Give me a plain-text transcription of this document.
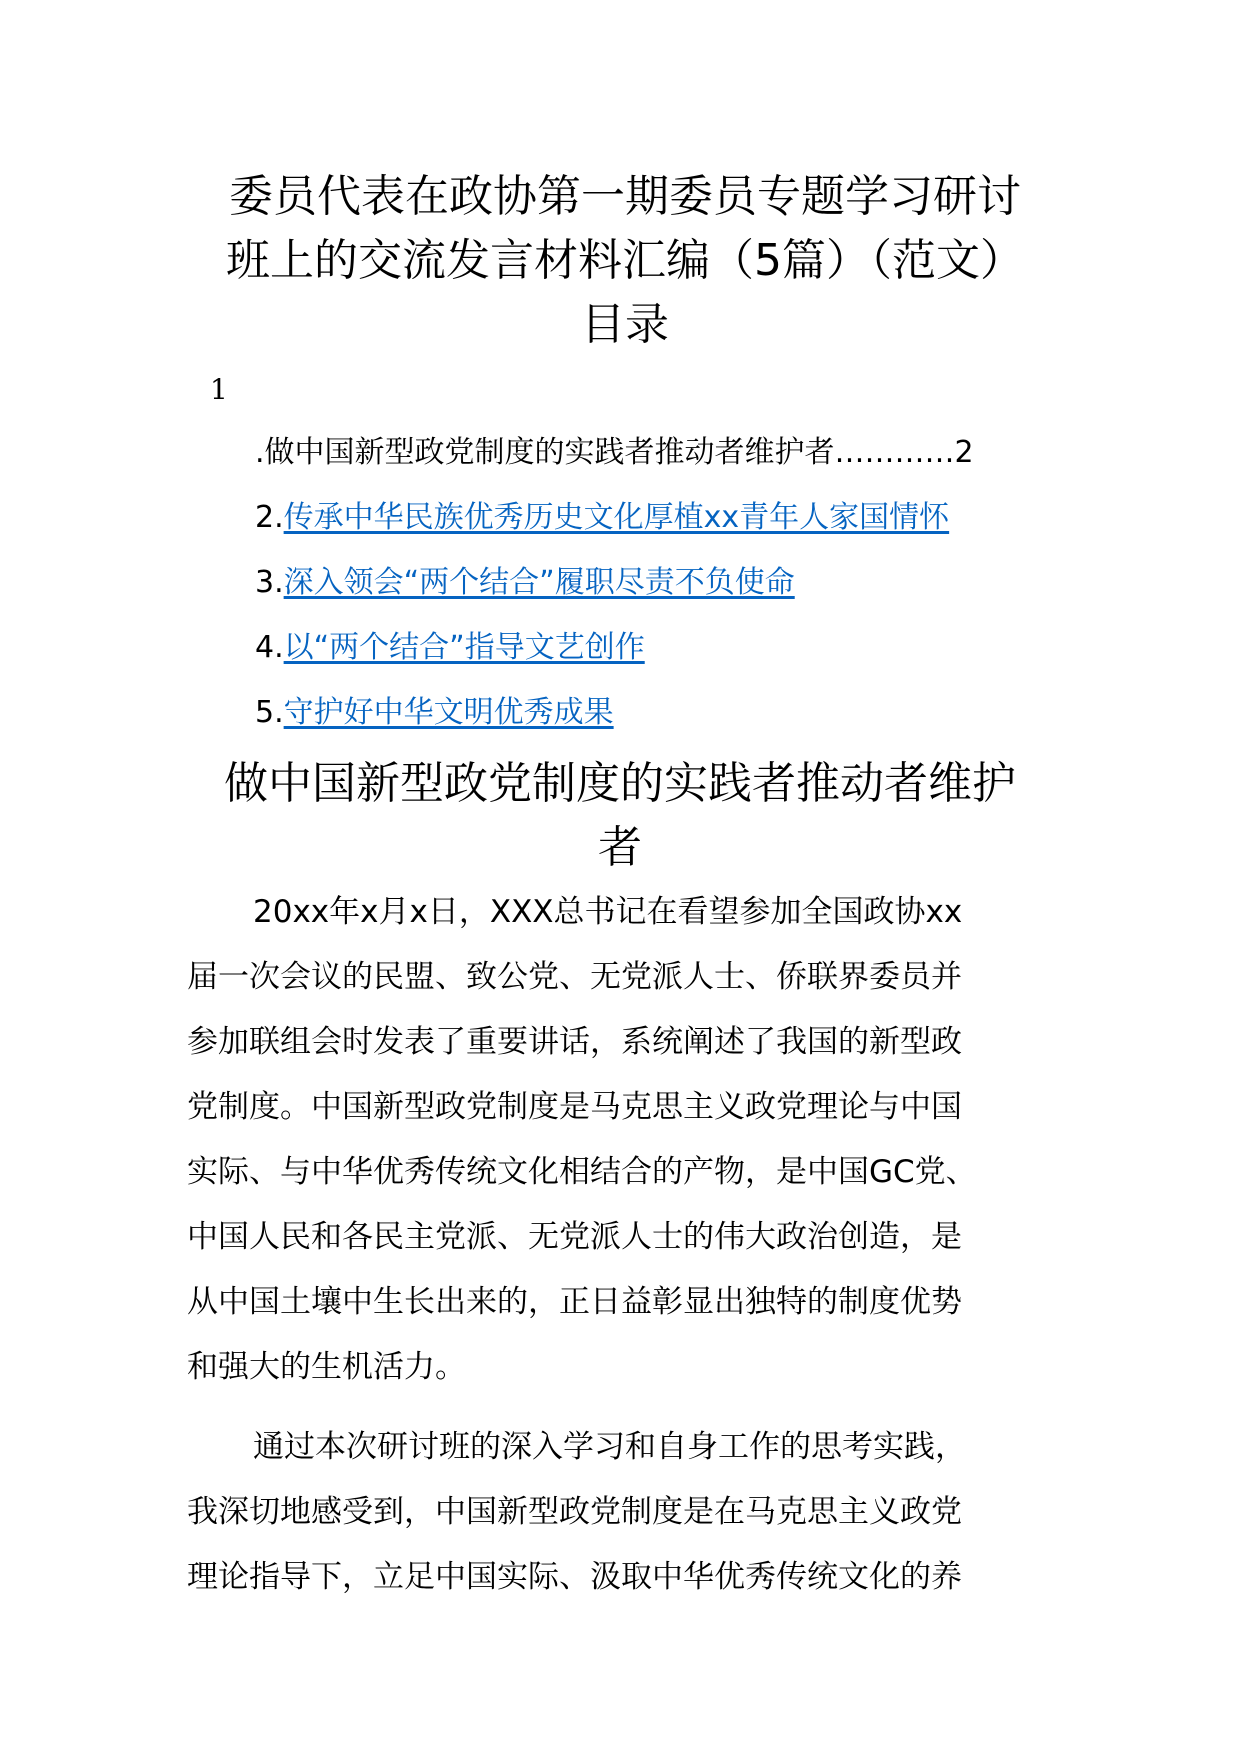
委员代表在政协第一期委员专题学习研讨
班上的交流发言材料汇编（5篇）（范文）
目录
1
.做中国新型政党制度的实践者推动者维护者 ………… 2
2. 传承中华民族优秀历史文化厚植xx青年人家国情怀
3. 深入领会“两个结合”履职尽责不负使命
4. 以“两个结合”指导文艺创作
5. 守护好中华文明优秀成果
做中国新型政党制度的实践者推动者维护
者
20xx年x月x日，XXX总书记在看望参加全国政协xx
届一次会议的民盟、致公党、无党派人士、侨联界委员并
参加联组会时发表了重要讲话，系统阐述了我国的新型政
党制度。中国新型政党制度是马克思主义政党理论与中国
实际、与中华优秀传统文化相结合的产物，是中国GC党、
中国人民和各民主党派、无党派人士的伟大政治创造，是
从中国土壤中生长出来的，正日益彰显出独特的制度优势
和强大的生机活力。
通过本次研讨班的深入学习和自身工作的思考实践，
我深切地感受到，中国新型政党制度是在马克思主义政党
理论指导下，立足中国实际、汲取中华优秀传统文化的养
